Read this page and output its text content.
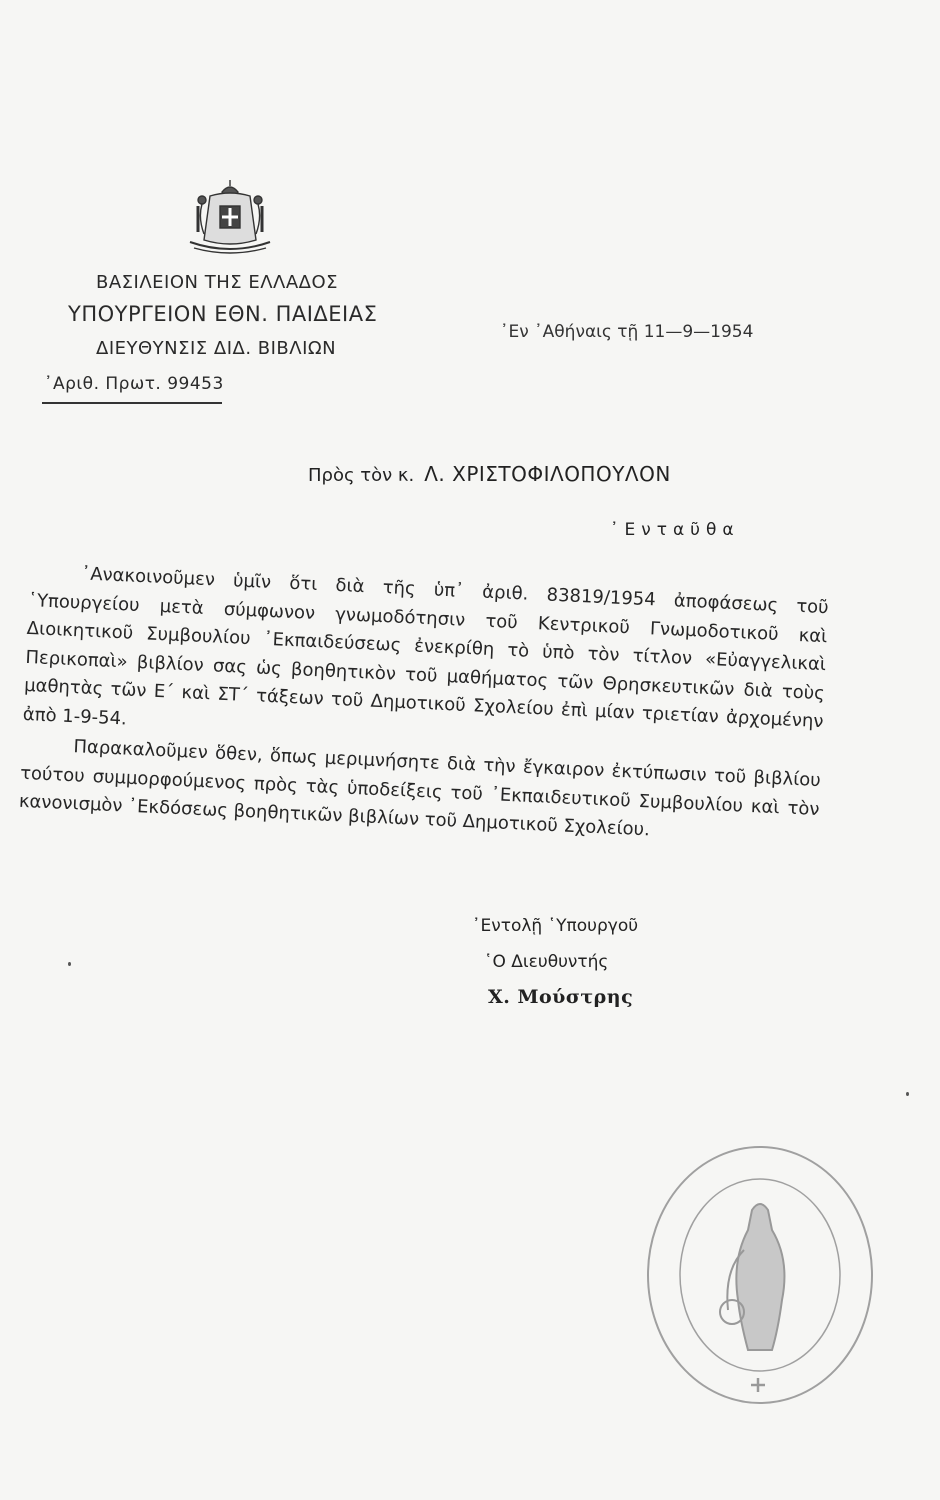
ΒΑΣΙΛΕΙΟΝ ΤΗΣ ΕΛΛΑΔΟΣ
ΥΠΟΥΡΓΕΙΟΝ ΕΘΝ. ΠΑΙΔΕΙΑΣ
ΔΙΕΥΘΥΝΣΙΣ ΔΙΔ. ΒΙΒΛΙΩΝ
᾿Αριθ. Πρωτ. 99453
᾿Εν ᾿Αθήναις τῇ 11—9—1954
Πρὸς τὸν κ. Λ. ΧΡΙΣΤΟΦΙΛΟΠΟΥΛΟΝ
᾿Ενταῦθα

᾿Ανακοινοῦμεν ὑμῖν ὅτι διὰ τῆς ὑπ᾿ ἀριθ. 83819/1954 ἀποφάσεως τοῦ ῾Υπουργείου μετὰ σύμφωνον γνωμοδότησιν τοῦ Κεντρικοῦ Γνωμοδοτικοῦ καὶ Διοικητικοῦ Συμβουλίου ᾿Εκπαιδεύσεως ἐνεκρίθη τὸ ὑπὸ τὸν τίτλον «Εὐαγγελικαὶ Περικοπαὶ» βιβλίον σας ὡς βοηθητικὸν τοῦ μαθήματος τῶν Θρησκευτικῶν διὰ τοὺς μαθητὰς τῶν Ε΄ καὶ ΣΤ΄ τάξεων τοῦ Δημοτικοῦ Σχολείου ἐπὶ μίαν τριετίαν ἀρχομένην ἀπὸ 1-9-54.

Παρακαλοῦμεν ὅθεν, ὅπως μεριμνήσητε διὰ τὴν ἔγκαιρον ἐκτύπωσιν τοῦ βιβλίου τούτου συμμορφούμενος πρὸς τὰς ὑποδείξεις τοῦ ᾿Εκπαιδευτικοῦ Συμβουλίου καὶ τὸν κανονισμὸν ᾿Εκδόσεως βοηθητικῶν βιβλίων τοῦ Δημοτικοῦ Σχολείου.

᾿Εντολῇ ῾Υπουργοῦ
῾Ο Διευθυντής
Χ. Μούστρης
